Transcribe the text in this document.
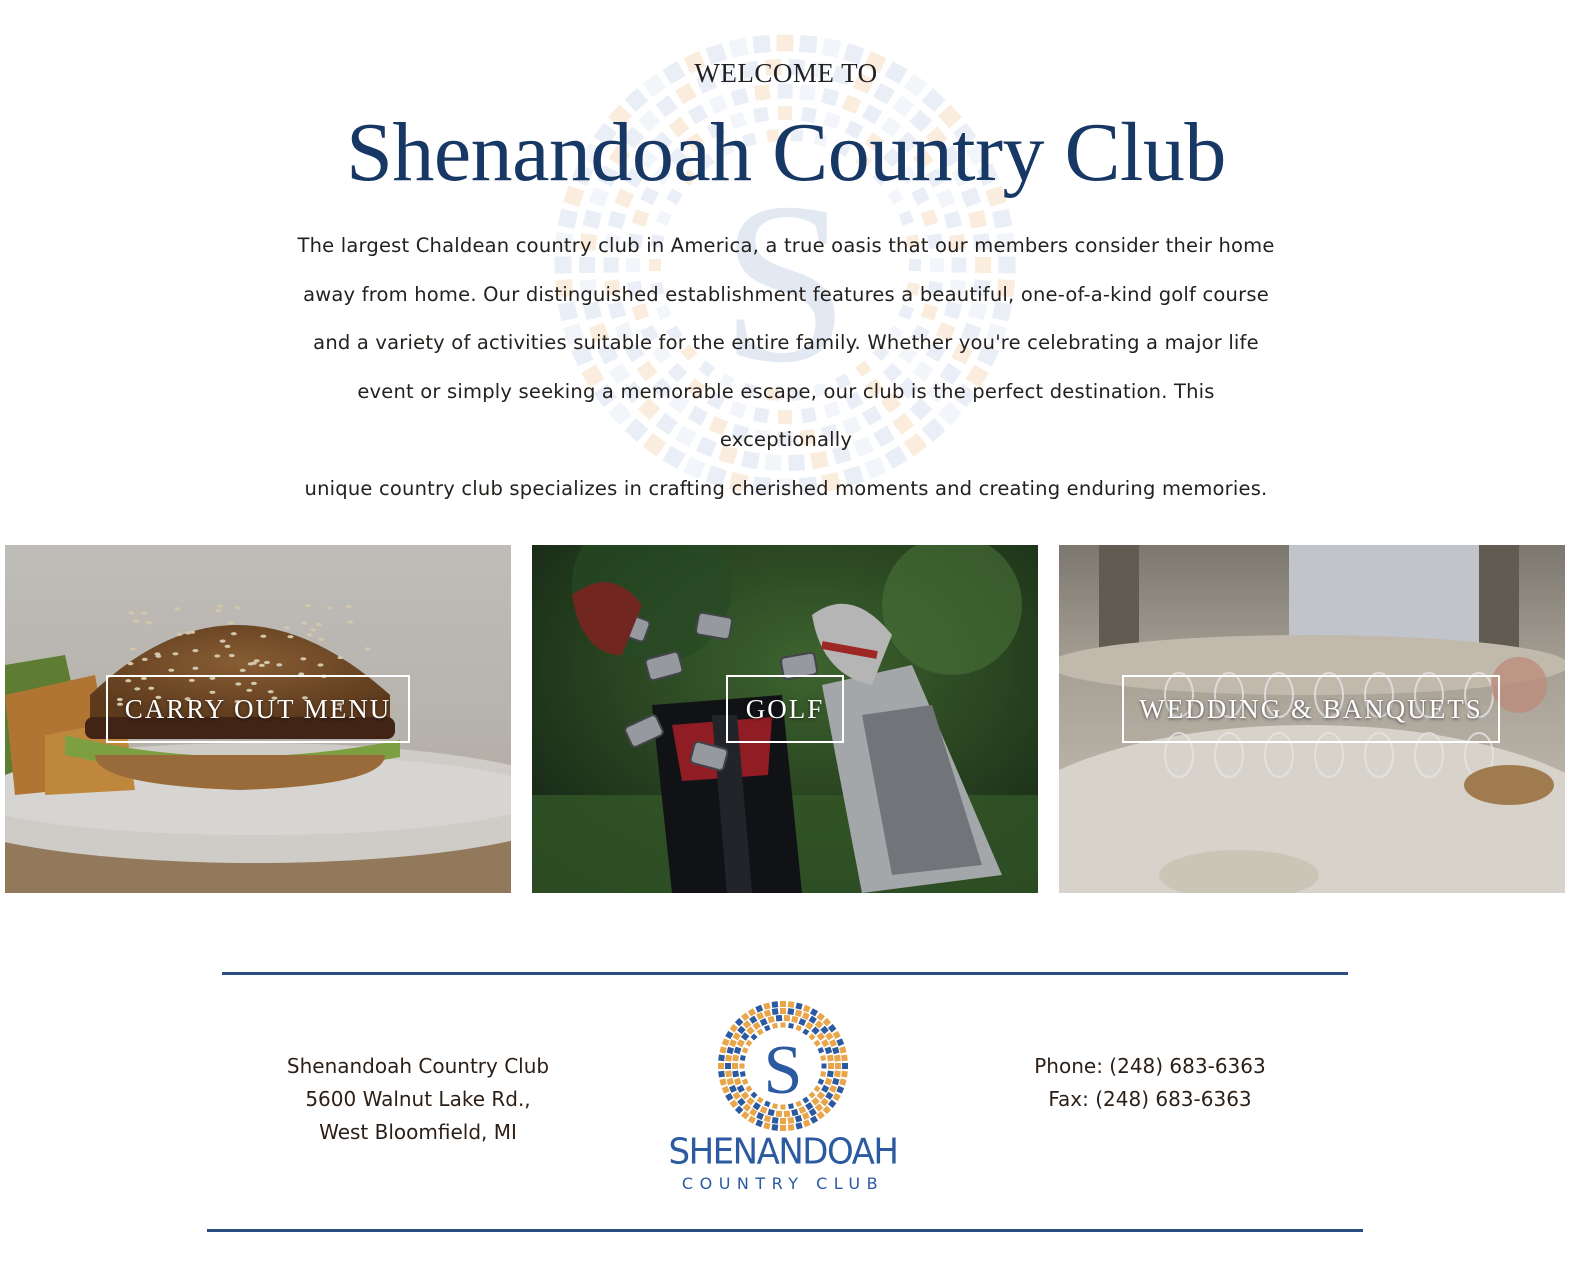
S
WELCOME TO
Shenandoah Country Club
The largest Chaldean country club in America, a true oasis that our members consider their home
away from home. Our distinguished establishment features a beautiful, one-of-a-kind golf course
and a variety of activities suitable for the entire family. Whether you're celebrating a major life
event or simply seeking a memorable escape, our club is the perfect destination. This exceptionally
unique country club specializes in crafting cherished moments and creating enduring memories.
CARRY OUT MENU	GOLF	WEDDING & BANQUETS
Shenandoah Country Club
5600 Walnut Lake Rd.,
West Bloomfield, MI
S
SHENANDOAH
COUNTRY CLUB
Phone: (248) 683-6363
Fax: (248) 683-6363
